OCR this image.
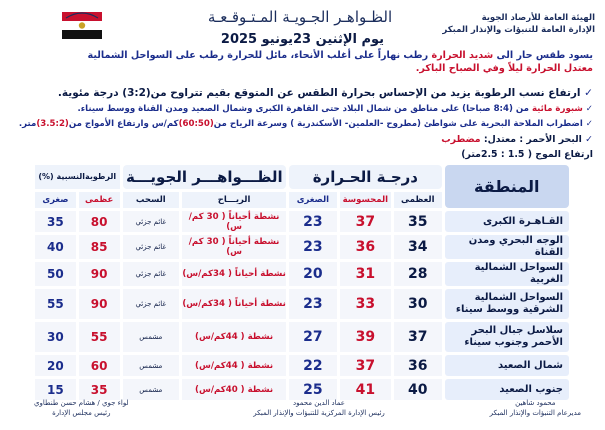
الهيئة العامة للأرصاد الجوية
الإدارة العامة للتنبؤات والإنذار المبكر
الظـواهـر الجـويـة المـتـوقـعـة
يوم الإثنين 23يونيو 2025
يسود طقس حار الى شديد الحرارة رطب نهاراً على أغلب الأنحاء، مائل للحرارة رطب على السواحل الشمالية
معتدل الحرارة ليلاً وفي الصباح الباكر.
✓ ارتفاع نسب الرطوبة يزيد من الإحساس بحرارة الطقس عن المتوقع بقيم تتراوح من(3:2) درجة مئوية.
✓ شبورة مائية من (8:4 صباحا) على مناطق من شمال البلاد حتى القاهرة الكبرى وشمال الصعيد ومدن القناة ووسط سيناء.
✓ اضطراب الملاحة البحرية على شواطئ (مطروح -العلمين- الأسكندرية ) وسرعة الرياح من(60:50)كم/س وارتفاع الأمواج من(3.5:2)متر.
✓ البحر الأحمر : معتدل: مضطرب
ارتفاع الموج ( 1.5 : 2.5متر)
المنطقة	درجـة الحـرارة			الظـــواهـــر الجويـــة		الرطوبةالنسبية (%)	
	العظمى	المحسوسة	الصغرى	الريـــاح	السحب	عظمى	صغرى
القـاهـرة الكبرى	35	37	23	نشطة أحياناً ( 30 كم/س)	غائم جزئي	80	35
الوجه البحري ومدن القناة	34	36	23	نشطة أحياناً ( 30 كم/س)	غائم جزئي	85	40
السواحل الشمالية الغربية	28	31	20	نشطة أحياناً ( 34كم/س)	غائم جزئي	90	50
السواحل الشمالية الشرقية ووسط سيناء	30	33	23	نشطة أحياناً ( 34كم/س)	غائم جزئي	90	55
سلاسل جبال البحر الأحمر وجنوب سيناء	37	39	27	نشطة ( 44كم/س)	مشمس	55	30
شمال الصعيد	36	37	22	نشطة ( 44كم/س)	مشمس	60	20
جنوب الصعيد	40	41	25	نشطة ( 40كم/س)	مشمس	35	15
محمود شاهين
مديرعام التنبؤات والإنذار المبكر
عماد الدين محمود
رئيس الإدارة المركزية للتنبؤات والإنذار المبكر
لواء جوي / هشام حسن طنطاوي
رئيس مجلس الإدارة
